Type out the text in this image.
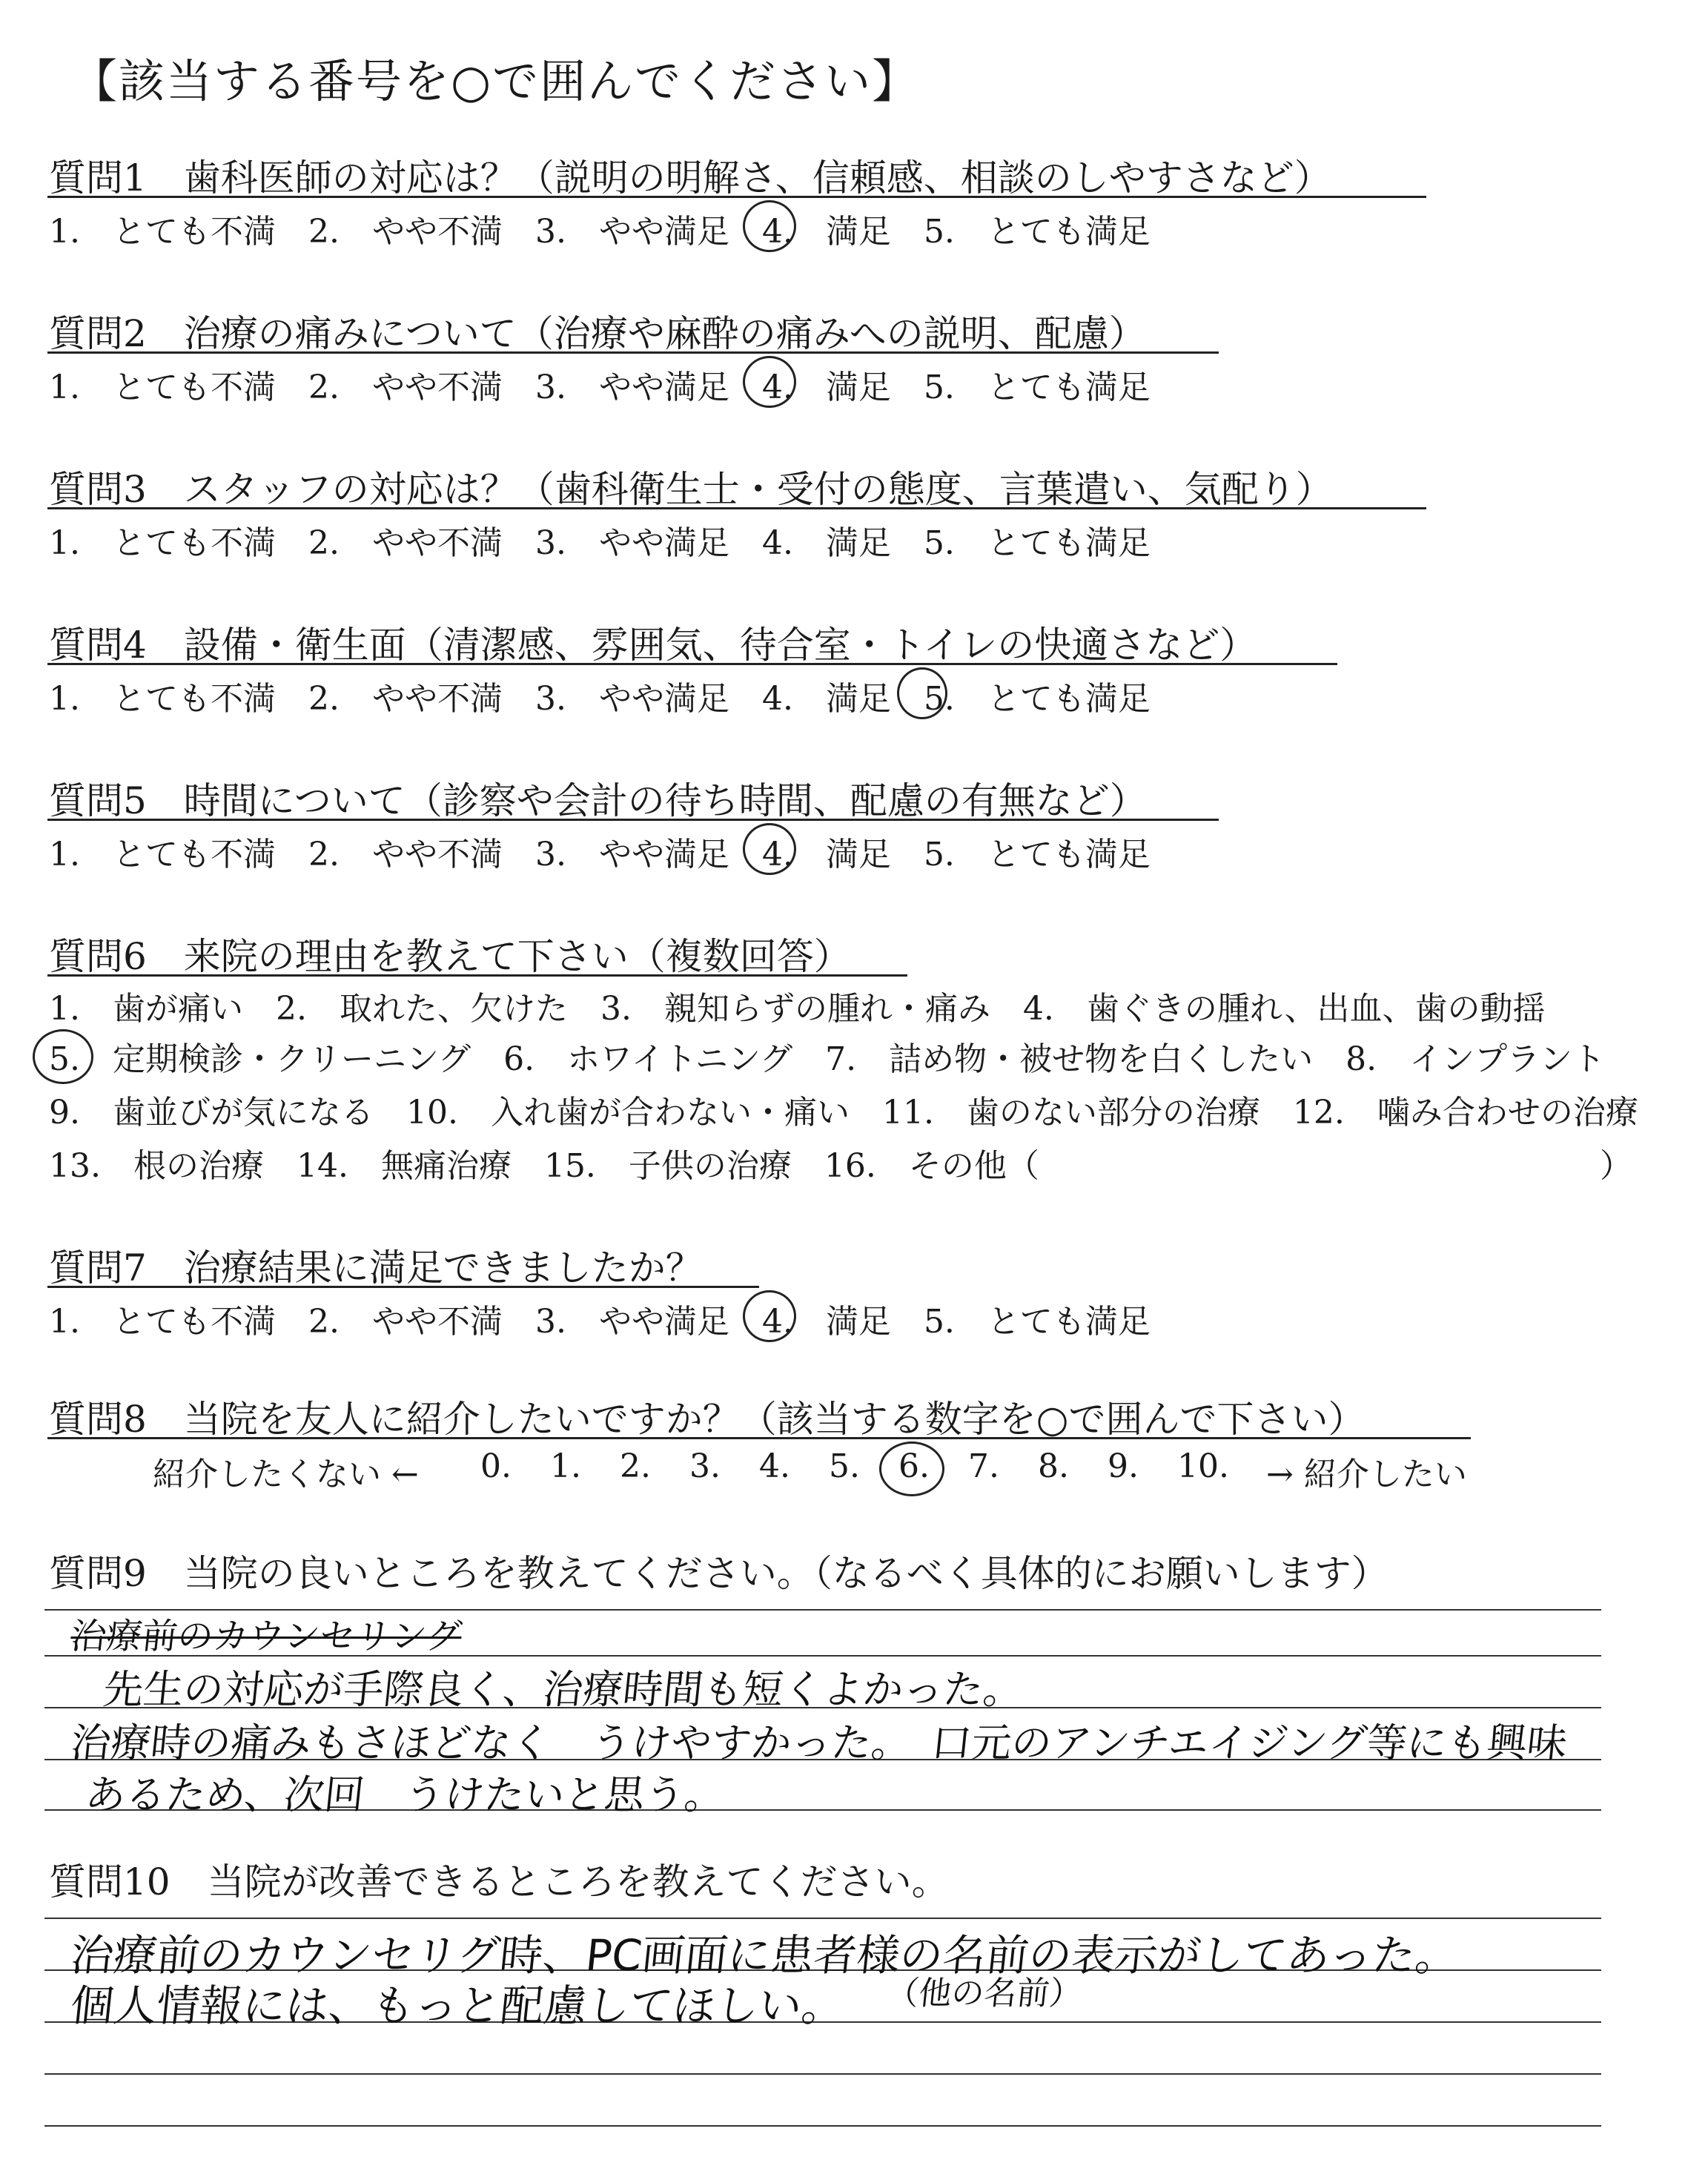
【該当する番号を○で囲んでください】
質問1　歯科医師の対応は？（説明の明解さ、信頼感、相談のしやすさなど）
1.　 とても不満　 2.　 やや不満　 3.　 やや満足　 4.　 満足　 5.　 とても満足
質問2　治療の痛みについて（治療や麻酔の痛みへの説明、配慮）
1.　 とても不満　 2.　 やや不満　 3.　 やや満足　 4.　 満足　 5.　 とても満足
質問3　スタッフの対応は？（歯科衛生士・受付の態度、言葉遣い、気配り）
1.　 とても不満　 2.　 やや不満　 3.　 やや満足　 4.　 満足　 5.　 とても満足
質問4　設備・衛生面（清潔感、雰囲気、待合室・トイレの快適さなど）
1.　 とても不満　 2.　 やや不満　 3.　 やや満足　 4.　 満足　 5.　 とても満足
質問5　時間について（診察や会計の待ち時間、配慮の有無など）
1.　 とても不満　 2.　 やや不満　 3.　 やや満足　 4.　 満足　 5.　 とても満足
質問6　来院の理由を教えて下さい（複数回答）
1.　歯が痛い　2.　取れた、欠けた　3.　親知らずの腫れ・痛み　4.　歯ぐきの腫れ、出血、歯の動揺
5.　定期検診・クリーニング　6.　ホワイトニング　7.　詰め物・被せ物を白くしたい　8.　インプラント
9.　歯並びが気になる　10.　入れ歯が合わない・痛い　11.　歯のない部分の治療　12.　噛み合わせの治療
13.　根の治療　14.　無痛治療　15.　子供の治療　16.　その他（	）
質問7　治療結果に満足できましたか？
1.　 とても不満　 2.　 やや不満　 3.　 やや満足　 4.　 満足　 5.　 とても満足
質問8　当院を友人に紹介したいですか？（該当する数字を○で囲んで下さい）
紹介したくない ← 0. 1. 2. 3. 4. 5. 6. 7. 8. 9. 10. → 紹介したい
質問9　当院の良いところを教えてください。（なるべく具体的にお願いします）
治療前のカウンセリング
先生の対応が手際良く、治療時間も短くよかった。
治療時の痛みもさほどなく　うけやすかった。　口元のアンチエイジング等にも興味
あるため、次回　うけたいと思う。
質問10　当院が改善できるところを教えてください。
治療前のカウンセリグ時、PC画面に患者様の名前の表示がしてあった。
個人情報には、もっと配慮してほしい。 （他の名前）
